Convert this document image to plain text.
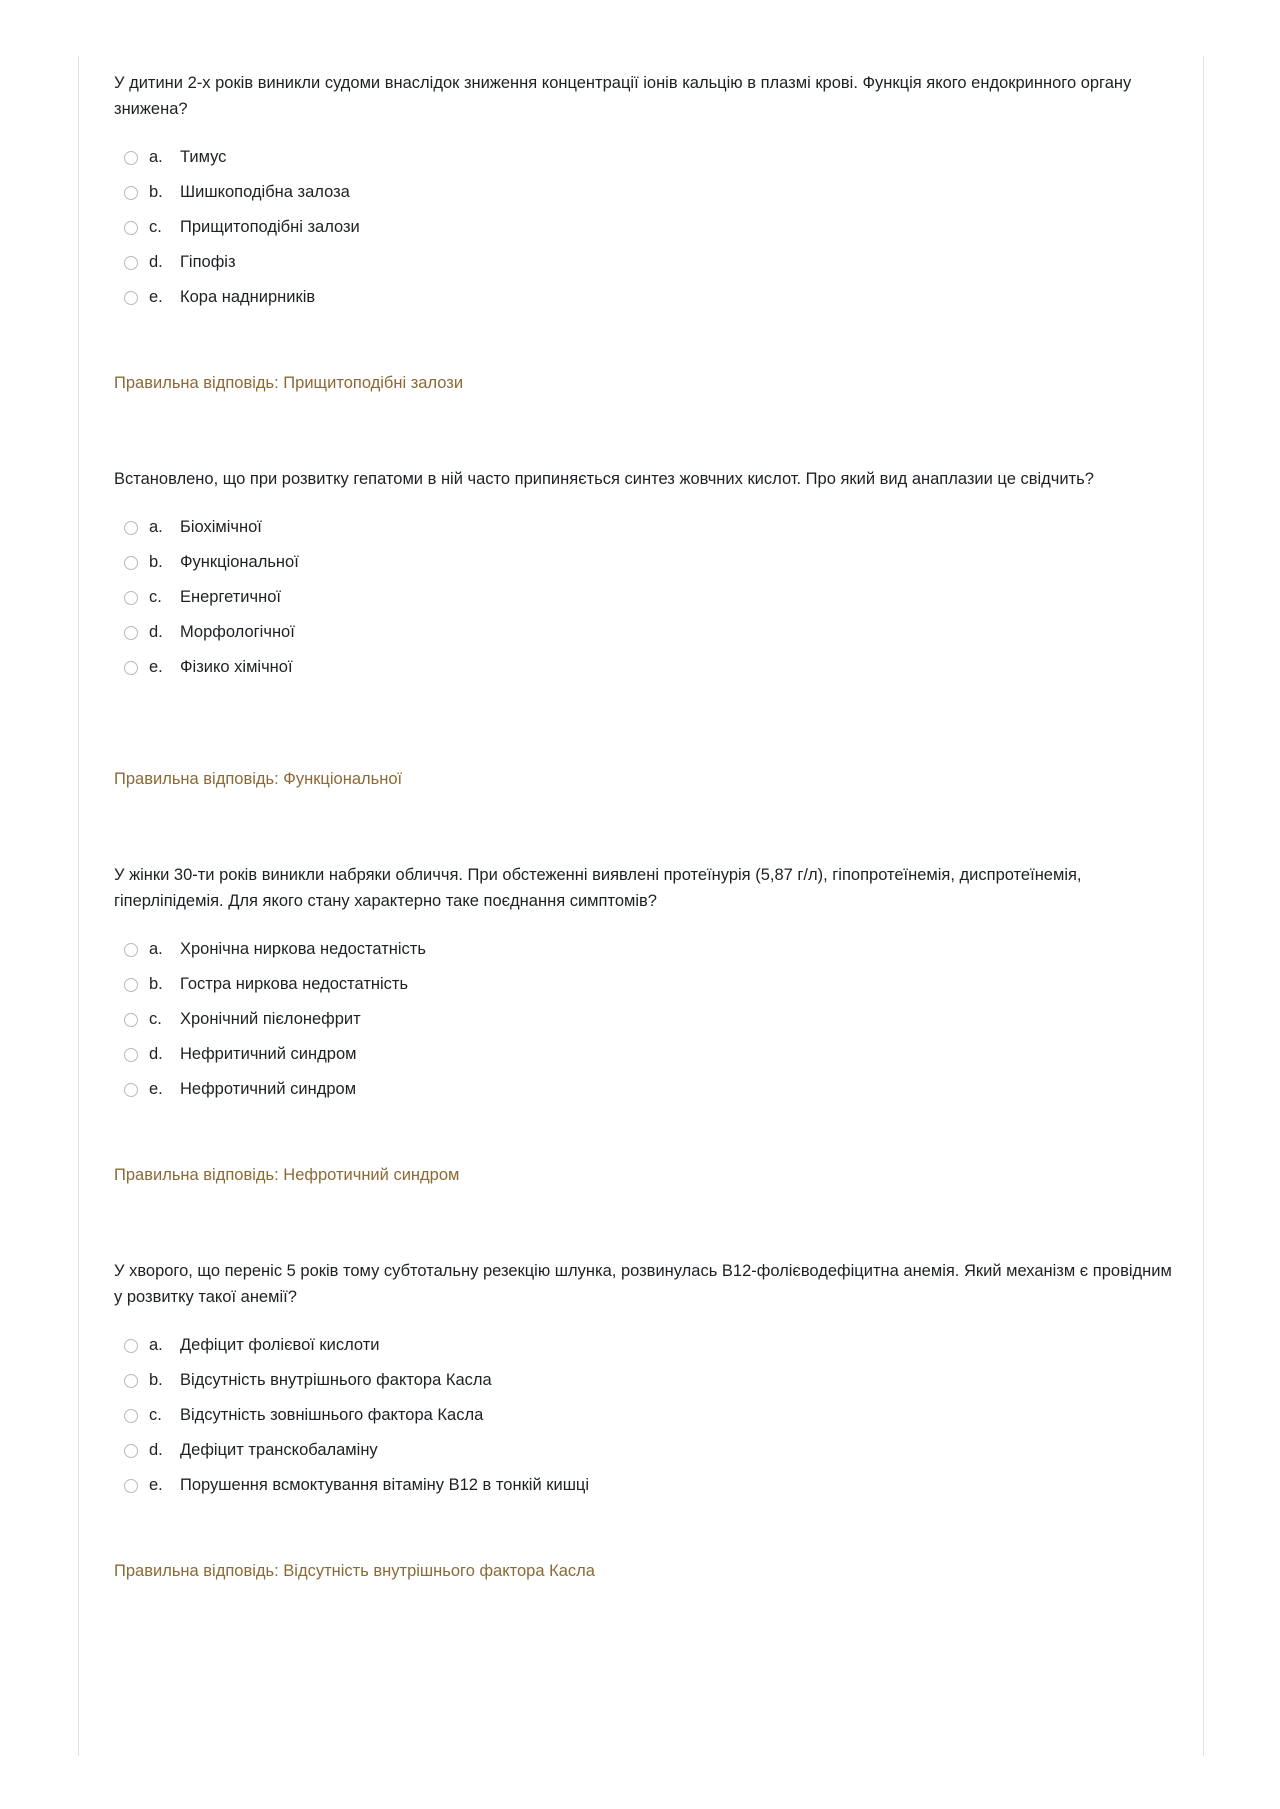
У дитини 2-х років виникли судоми внаслідок зниження концентрації іонів кальцію в плазмі крові. Функція якого ендокринного органу знижена?

a.	Тимус
b.	Шишкоподібна залоза
c.	Прищитоподібні залози
d.	Гіпофіз
e.	Кора наднирників
Правильна відповідь: Прищитоподібні залози

Встановлено, що при розвитку гепатоми в ній часто припиняється синтез жовчних кислот. Про який вид анаплазии це свідчить?

a.	Біохімічної
b.	Функціональної
c.	Енергетичної
d.	Морфологічної
e.	Фізико хімічної
Правильна відповідь: Функціональної

У жінки 30-ти років виникли набряки обличчя. При обстеженні виявлені протеїнурія (5,87 г/л), гіпопротеїнемія, диспротеїнемія, гіперліпідемія. Для якого стану характерно таке поєднання симптомів?

a.	Хронічна ниркова недостатність
b.	Гостра ниркова недостатність
c.	Хронічний пієлонефрит
d.	Нефритичний синдром
e.	Нефротичний синдром
Правильна відповідь: Нефротичний синдром

У хворого, що переніс 5 років тому субтотальну резекцію шлунка, розвинулась В12-фолієводефіцитна анемія. Який механізм є провідним у розвитку такої анемії?

a.	Дефіцит фолієвої кислоти
b.	Відсутність внутрішнього фактора Касла
c.	Відсутність зовнішнього фактора Касла
d.	Дефіцит транскобаламіну
e.	Порушення всмоктування вітаміну В12 в тонкій кишці
Правильна відповідь: Відсутність внутрішнього фактора Касла
